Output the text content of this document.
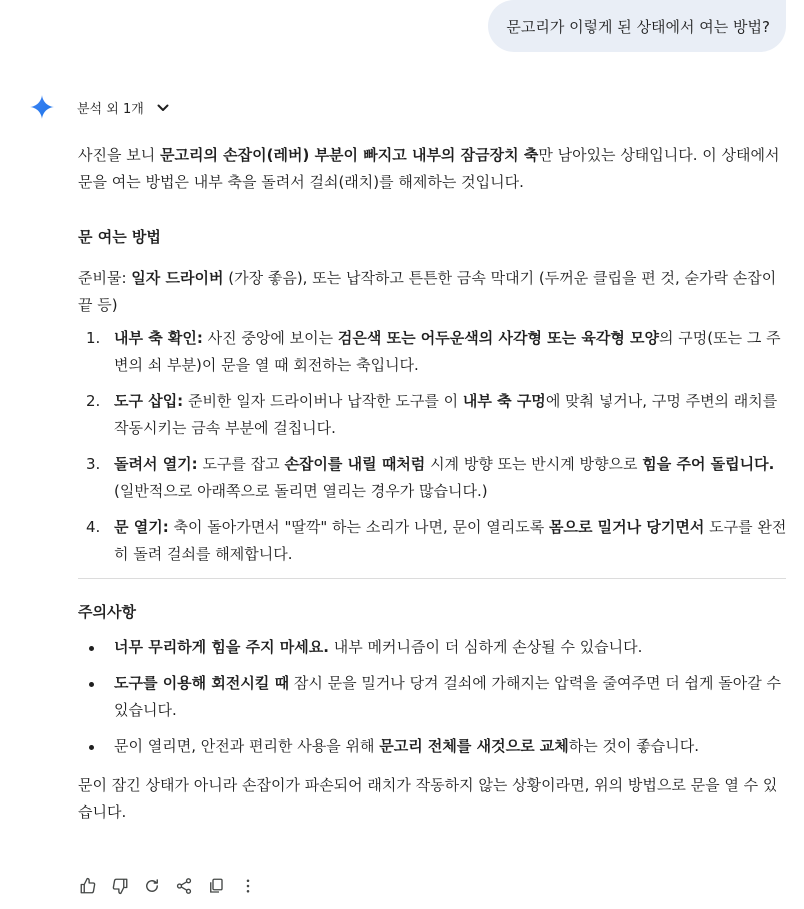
문고리가 이렇게 된 상태에서 여는 방법?
분석 외 1개

사진을 보니 문고리의 손잡이(레버) 부분이 빠지고 내부의 잠금장치 축만 남아있는 상태입니다. 이 상태에서 문을 여는 방법은 내부 축을 돌려서 걸쇠(래치)를 해제하는 것입니다.

문 여는 방법

준비물: 일자 드라이버 (가장 좋음), 또는 납작하고 튼튼한 금속 막대기 (두꺼운 클립을 편 것, 숟가락 손잡이 끝 등)

1. 내부 축 확인: 사진 중앙에 보이는 검은색 또는 어두운색의 사각형 또는 육각형 모양의 구멍(또는 그 주변의 쇠 부분)이 문을 열 때 회전하는 축입니다.
2. 도구 삽입: 준비한 일자 드라이버나 납작한 도구를 이 내부 축 구멍에 맞춰 넣거나, 구멍 주변의 래치를 작동시키는 금속 부분에 걸칩니다.
3. 돌려서 열기: 도구를 잡고 손잡이를 내릴 때처럼 시계 방향 또는 반시계 방향으로 힘을 주어 돌립니다. (일반적으로 아래쪽으로 돌리면 열리는 경우가 많습니다.)
4. 문 열기: 축이 돌아가면서 "딸깍" 하는 소리가 나면, 문이 열리도록 몸으로 밀거나 당기면서 도구를 완전히 돌려 걸쇠를 해제합니다.

주의사항

너무 무리하게 힘을 주지 마세요. 내부 메커니즘이 더 심하게 손상될 수 있습니다.
도구를 이용해 회전시킬 때 잠시 문을 밀거나 당겨 걸쇠에 가해지는 압력을 줄여주면 더 쉽게 돌아갈 수 있습니다.
문이 열리면, 안전과 편리한 사용을 위해 문고리 전체를 새것으로 교체하는 것이 좋습니다.

문이 잠긴 상태가 아니라 손잡이가 파손되어 래치가 작동하지 않는 상황이라면, 위의 방법으로 문을 열 수 있습니다.
